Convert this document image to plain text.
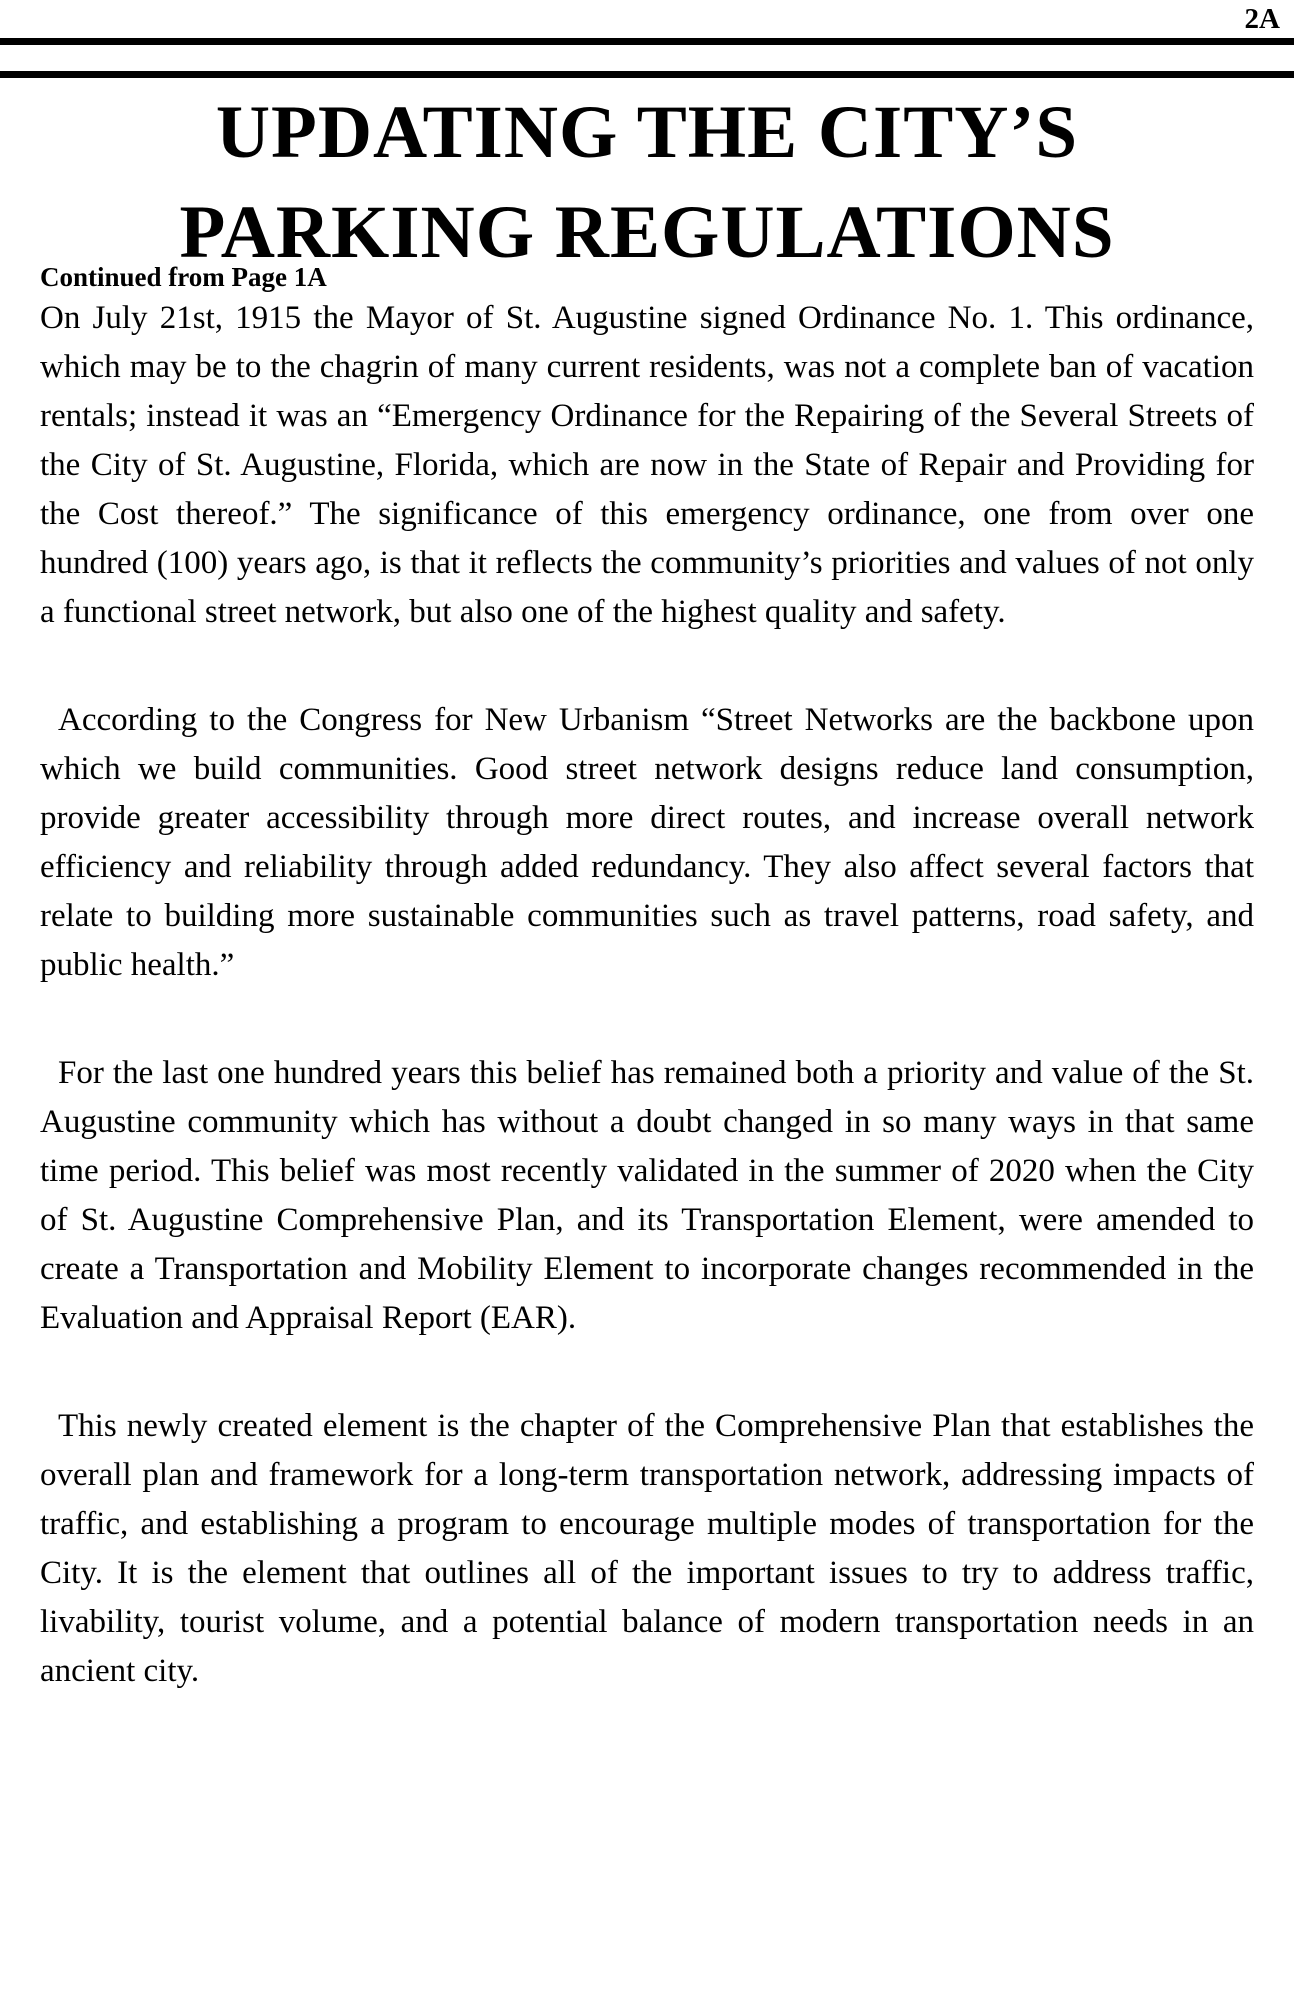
2A
UPDATING THE CITY’S
PARKING REGULATIONS
Continued from Page 1A

On July 21st, 1915 the Mayor of St. Augustine signed Ordinance No. 1. This ordinance, which may be to the chagrin of many current residents, was not a complete ban of vacation rentals; instead it was an “Emergency Ordinance for the Repairing of the Several Streets of the City of St. Augustine, Florida, which are now in the State of Repair and Providing for the Cost thereof.” The significance of this emergency ordinance, one from over one hundred (100) years ago, is that it reflects the community’s priorities and values of not only a functional street network, but also one of the highest quality and safety.

According to the Congress for New Urbanism “Street Networks are the backbone upon which we build communities. Good street network designs reduce land consumption, provide greater accessibility through more direct routes, and increase overall network efficiency and reliability through added redundancy. They also affect several factors that relate to building more sustainable communities such as travel patterns, road safety, and public health.”

For the last one hundred years this belief has remained both a priority and value of the St. Augustine community which has without a doubt changed in so many ways in that same time period. This belief was most recently validated in the summer of 2020 when the City of St. Augustine Comprehensive Plan, and its Transportation Element, were amended to create a Transportation and Mobility Element to incorporate changes recommended in the Evaluation and Appraisal Report (EAR).

This newly created element is the chapter of the Comprehensive Plan that establishes the overall plan and framework for a long-term transportation network, addressing impacts of traffic, and establishing a program to encourage multiple modes of transportation for the City. It is the element that outlines all of the important issues to try to address traffic, livability, tourist volume, and a potential balance of modern transportation needs in an ancient city.
